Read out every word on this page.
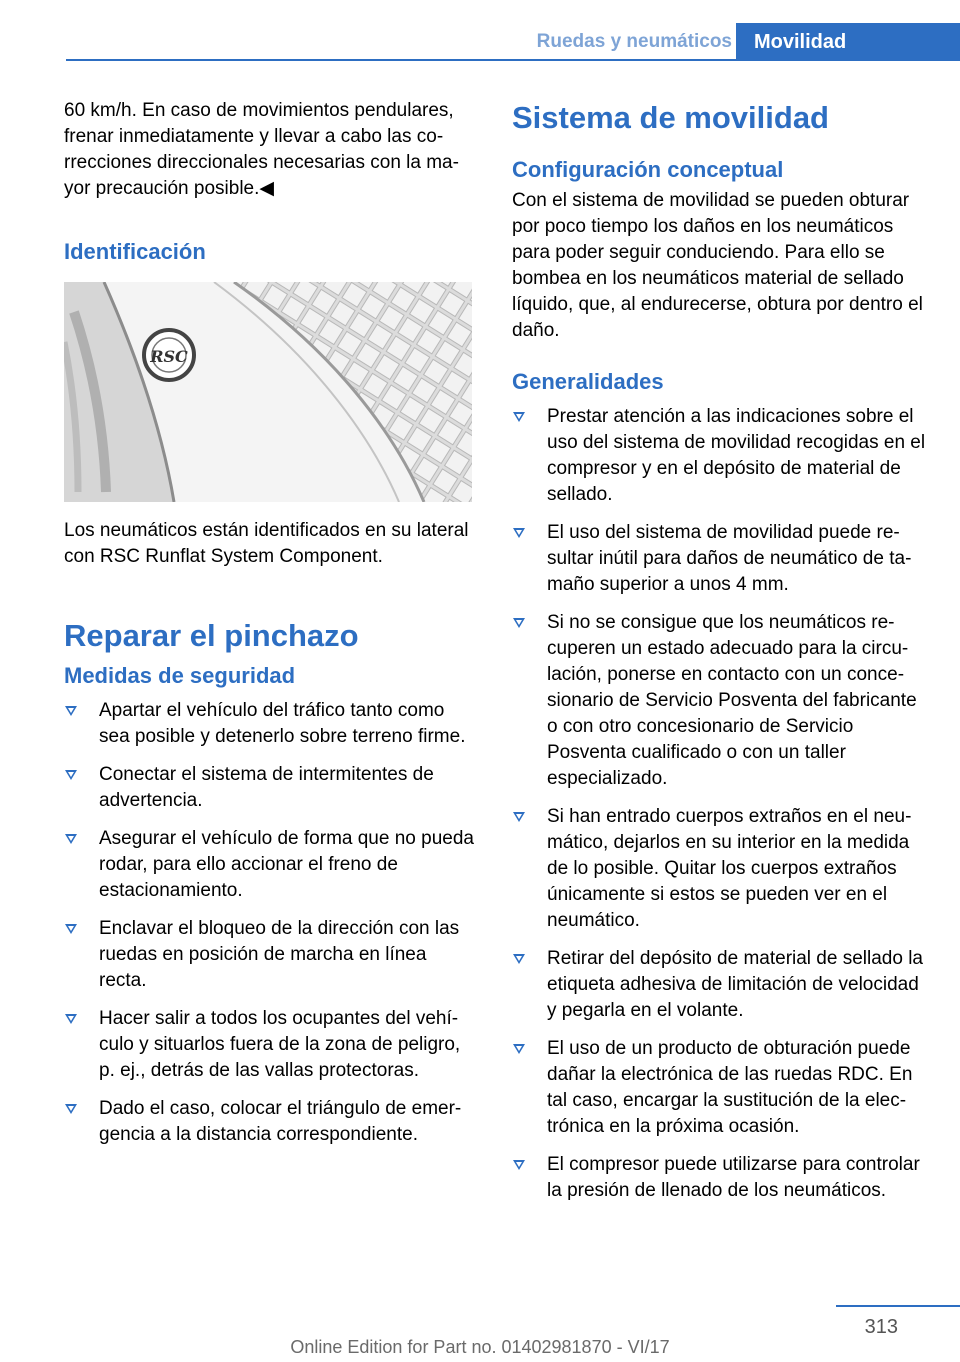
Ruedas y neumáticos	Movilidad

60 km/h. En caso de movimientos pendulares, frenar inmediatamente y llevar a cabo las correcciones direccionales necesarias con la mayor precaución posible.◀

Identificación
RSC

Los neumáticos están identificados en su lateral con RSC Runflat System Component.

Reparar el pinchazo
Medidas de seguridad
Apartar el vehículo del tráfico tanto como sea posible y detenerlo sobre terreno firme.
Conectar el sistema de intermitentes de advertencia.
Asegurar el vehículo de forma que no pueda rodar, para ello accionar el freno de estacionamiento.
Enclavar el bloqueo de la dirección con las ruedas en posición de marcha en línea recta.
Hacer salir a todos los ocupantes del vehículo y situarlos fuera de la zona de peligro, p. ej., detrás de las vallas protectoras.
Dado el caso, colocar el triángulo de emergencia a la distancia correspondiente.
Sistema de movilidad
Configuración conceptual

Con el sistema de movilidad se pueden obturar por poco tiempo los daños en los neumáticos para poder seguir conduciendo. Para ello se bombea en los neumáticos material de sellado líquido, que, al endurecerse, obtura por dentro el daño.

Generalidades
Prestar atención a las indicaciones sobre el uso del sistema de movilidad recogidas en el compresor y en el depósito de material de sellado.
El uso del sistema de movilidad puede resultar inútil para daños de neumático de tamaño superior a unos 4 mm.
Si no se consigue que los neumáticos recuperen un estado adecuado para la circulación, ponerse en contacto con un concesionario de Servicio Posventa del fabricante o con otro concesionario de Servicio Posventa cualificado o con un taller especializado.
Si han entrado cuerpos extraños en el neumático, dejarlos en su interior en la medida de lo posible. Quitar los cuerpos extraños únicamente si estos se pueden ver en el neumático.
Retirar del depósito de material de sellado la etiqueta adhesiva de limitación de velocidad y pegarla en el volante.
El uso de un producto de obturación puede dañar la electrónica de las ruedas RDC. En tal caso, encargar la sustitución de la electrónica en la próxima ocasión.
El compresor puede utilizarse para controlar la presión de llenado de los neumáticos.
313
Online Edition for Part no. 01402981870 - VI/17
